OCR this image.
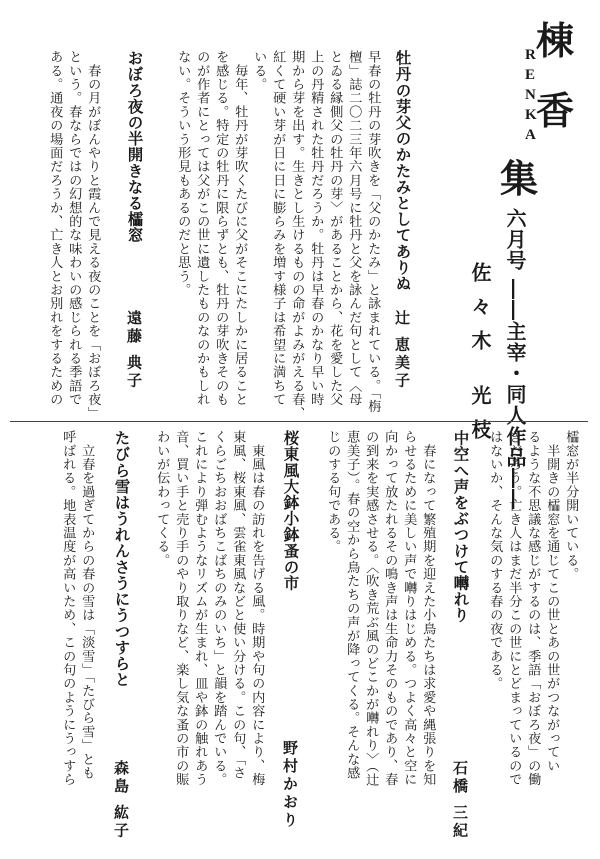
棟
香
集
R
E
N
K
A
六月号 ――主宰・同人作品――
佐々木 光枝
牡丹の芽父のかたみとしてありぬ
辻 恵美子
早春の牡丹の芽吹きを「父のかたみ」と詠まれている。「栴
檀」誌二〇二三年六月号に牡丹と父を詠んだ句として〈母
とゐる縁側父の牡丹の芽〉があることから、花を愛した父
上の丹精された牡丹だろうか。牡丹は早春のかなり早い時
期から芽を出す。生きとし生けるものの命がよみがえる春、
紅くて硬い芽が日に日に膨らみを増す様子は希望に満ちて
いる。
　毎年、牡丹が芽吹くたびに父がそこにたしかに居ること
を感じる。特定の牡丹に限らずとも、牡丹の芽吹きそのも
のが作者にとっては父がこの世に遺したものなのかもしれ
ない。そういう形見もあるのだと思う。
おぼろ夜の半開きなる櫺窓
遠藤 典子
　春の月がぼんやりと霞んで見える夜のことを「おぼろ夜」
という。春ならではの幻想的な味わいの感じられる季語で
ある。通夜の場面だろうか、亡き人とお別れをするための
櫺窓が半分開いている。
　半開きの櫺窓を通じてこの世とあの世がつながってい
るような不思議な感じがするのは、季語「おぼろ夜」の働
きだろう。亡き人はまだ半分この世にとどまっているので
はないか、そんな気のする春の夜である。
中空へ声をぶつけて囀れり
石橋 三紀
　春になって繁殖期を迎えた小鳥たちは求愛や縄張りを知
らせるために美しい声で囀りはじめる。つよく高々と空に
向かって放たれるその鳴き声は生命力そのものであり、春
の到来を実感させる。〈吹き荒ぶ風のどこかが囀れり〉（辻
恵美子）。春の空から鳥たちの声が降ってくる。そんな感
じのする句である。
桜東風大鉢小鉢蚤の市
野村かおり
　東風は春の訪れを告げる風。時期や句の内容により、梅
東風、桜東風、雲雀東風などと使い分ける。この句、「さ
くらごちおおばちこばちのみのいち」と韻を踏んでいる。
これにより弾むようなリズムが生まれ、皿や鉢の触れあう
音、買い手と売り手のやり取りなど、楽し気な蚤の市の賑
わいが伝わってくる。
たびら雪はうれんさうにうつすらと
森島 紘子
　立春を過ぎてからの春の雪は「淡雪」「たびら雪」とも
呼ばれる。地表温度が高いため、この句のようにうっすら
